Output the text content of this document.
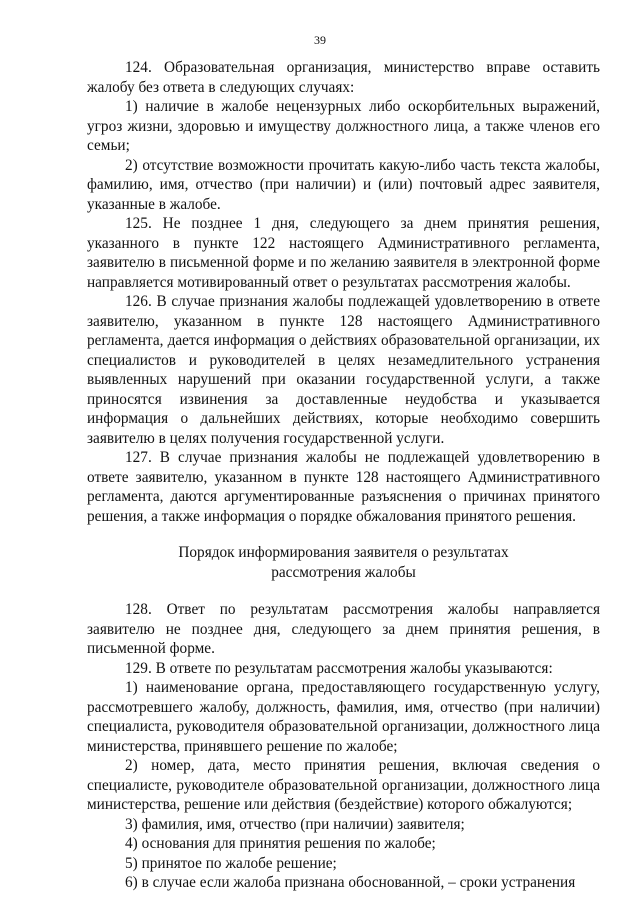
39

124. Образовательная организация, министерство вправе оставить жалобу без ответа в следующих случаях:

1) наличие в жалобе нецензурных либо оскорбительных выражений, угроз жизни, здоровью и имуществу должностного лица, а также членов его семьи;

2) отсутствие возможности прочитать какую-либо часть текста жалобы, фамилию, имя, отчество (при наличии) и (или) почтовый адрес заявителя, указанные в жалобе.

125. Не позднее 1 дня, следующего за днем принятия решения, указанного в пункте 122 настоящего Административного регламента, заявителю в письменной форме и по желанию заявителя в электронной форме направляется мотивированный ответ о результатах рассмотрения жалобы.

126. В случае признания жалобы подлежащей удовлетворению в ответе заявителю, указанном в пункте 128 настоящего Административного регламента, дается информация о действиях образовательной организации, их специалистов и руководителей в целях незамедлительного устранения выявленных нарушений при оказании государственной услуги, а также приносятся извинения за доставленные неудобства и указывается информация о дальнейших действиях, которые необходимо совершить заявителю в целях получения государственной услуги.

127. В случае признания жалобы не подлежащей удовлетворению в ответе заявителю, указанном в пункте 128 настоящего Административного регламента, даются аргументированные разъяснения о причинах принятого решения, а также информация о порядке обжалования принятого решения.

Порядок информирования заявителя о результатах
рассмотрения жалобы

128. Ответ по результатам рассмотрения жалобы направляется заявителю не позднее дня, следующего за днем принятия решения, в письменной форме.

129. В ответе по результатам рассмотрения жалобы указываются:

1) наименование органа, предоставляющего государственную услугу, рассмотревшего жалобу, должность, фамилия, имя, отчество (при наличии) специалиста, руководителя образовательной организации, должностного лица министерства, принявшего решение по жалобе;

2) номер, дата, место принятия решения, включая сведения о специалисте, руководителе образовательной организации, должностного лица министерства, решение или действия (бездействие) которого обжалуются;

3) фамилия, имя, отчество (при наличии) заявителя;

4) основания для принятия решения по жалобе;

5) принятое по жалобе решение;

6) в случае если жалоба признана обоснованной, – сроки устранения
